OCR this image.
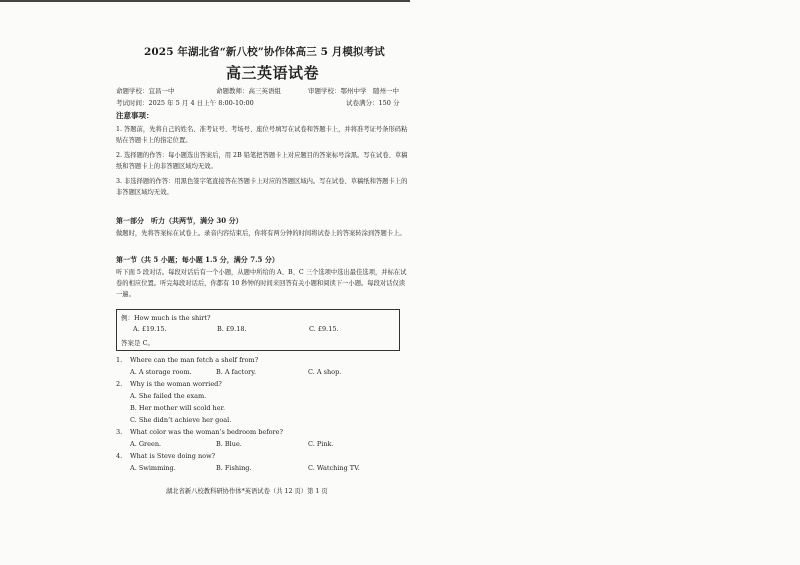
2025 年湖北省“新八校”协作体高三 5 月模拟考试
高三英语试卷
命题学校：宜昌一中	命题教师：高三英语组	审题学校：鄂州中学　随州一中
考试时间：2025 年 5 月 4 日上午 8:00-10:00	试卷满分：150 分
注意事项：
1. 答题前，先将自己的姓名、准考证号、考场号、座位号填写在试卷和答题卡上，并将准考证号条形码粘贴在答题卡上的指定位置。
2. 选择题的作答：每小题选出答案后，用 2B 铅笔把答题卡上对应题目的答案标号涂黑。写在试卷、草稿纸和答题卡上的非答题区域均无效。
3. 非选择题的作答：用黑色签字笔直接答在答题卡上对应的答题区域内。写在试卷、草稿纸和答题卡上的非答题区域均无效。
第一部分　听力（共两节，满分 30 分）
做题时，先将答案标在试卷上。录音内容结束后，你将有两分钟的时间将试卷上的答案转涂到答题卡上。
第一节（共 5 小题；每小题 1.5 分，满分 7.5 分）
听下面 5 段对话。每段对话后有一个小题，从题中所给的 A、B、C 三个选项中选出最佳选项，并标在试卷的相应位置。听完每段对话后，你都有 10 秒钟的时间来回答有关小题和阅读下一小题。每段对话仅读一遍。
例：How much is the shirt?
A. £19.15.	B. £9.18.	C. £9.15.
答案是 C。
1. Where can the man fetch a shelf from?
A. A storage room.	B. A factory.	C. A shop.
2. Why is the woman worried?
A. She failed the exam.
B. Her mother will scold her.
C. She didn’t achieve her goal.
3. What color was the woman’s bedroom before?
A. Green.	B. Blue.	C. Pink.
4. What is Steve doing now?
A. Swimming.	B. Fishing.	C. Watching TV.
湖北省新八校教科研协作体*英语试卷（共 12 页）第 1 页
